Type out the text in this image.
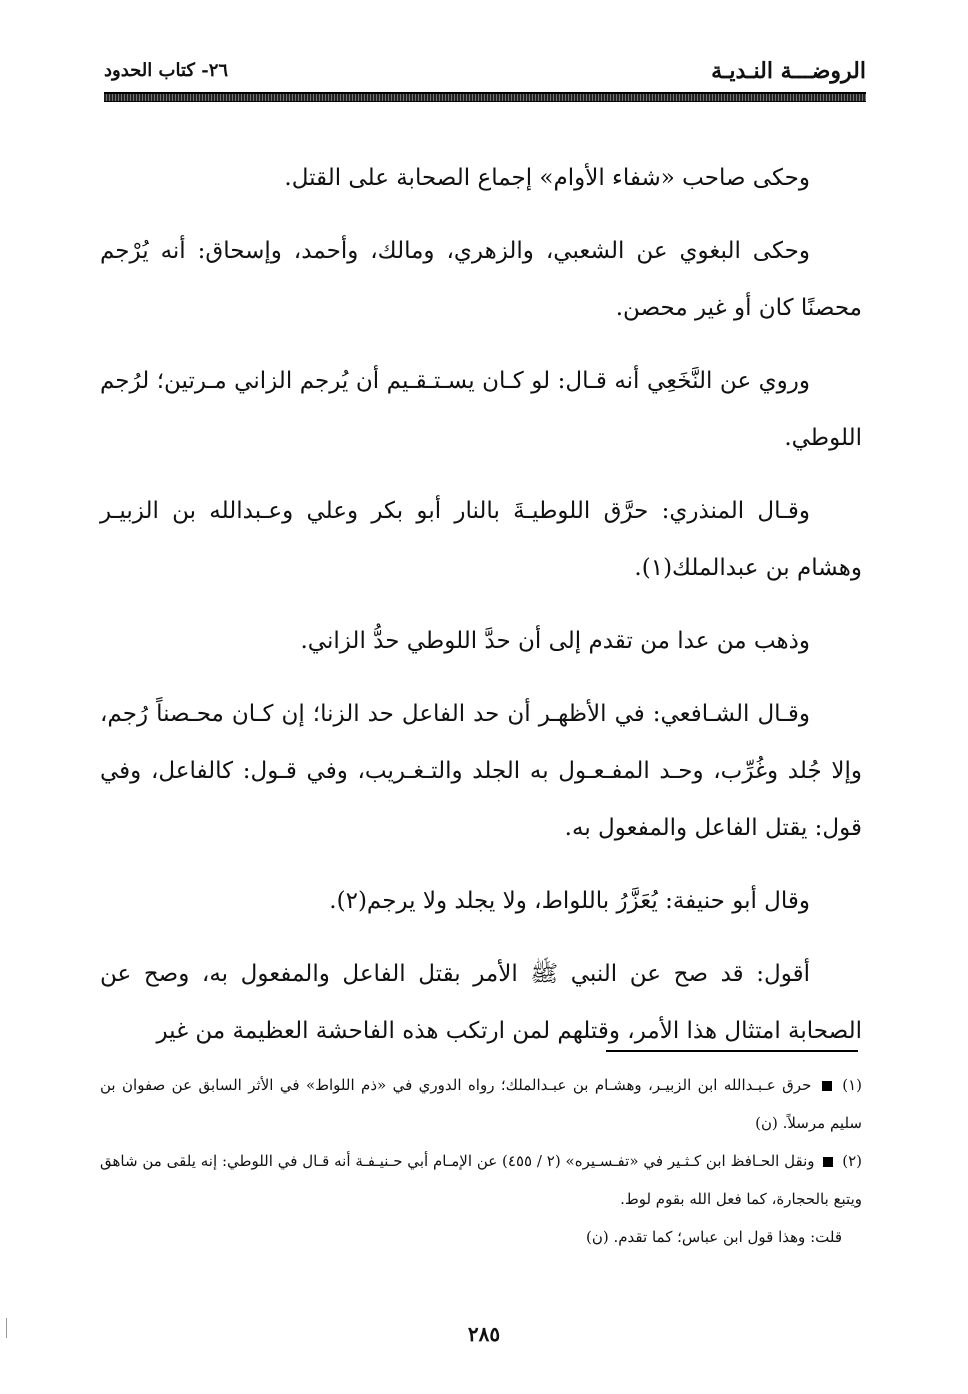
الروضـــة النـديـة
٢٦- كتاب الحدود

وحكى صاحب «شفاء الأوام» إجماع الصحابة على القتل.

وحكى البغوي عن الشعبي، والزهري، ومالك، وأحمد، وإسحاق: أنه يُرْجم محصنًا كان أو غير محصن.

وروي عن النَّخَعِي أنه قـال: لو كـان يسـتـقـيم أن يُرجم الزاني مـرتين؛ لرُجم اللوطي.

وقـال المنذري: حرَّق اللوطيـةَ بالنار أبو بكر وعلي وعـبدالله بن الزبيـر وهشام بن عبدالملك(١).

وذهب من عدا من تقدم إلى أن حدَّ اللوطي حدُّ الزاني.

وقـال الشـافعي: في الأظهـر أن حد الفاعل حد الزنا؛ إن كـان محـصناً رُجم، وإلا جُلد وغُرِّب، وحـد المفـعـول به الجلد والتـغـريب، وفي قـول: كالفاعل، وفي قول: يقتل الفاعل والمفعول به.

وقال أبو حنيفة: يُعَزَّرُ باللواط، ولا يجلد ولا يرجم(٢).

أقول: قد صح عن النبي ﷺ الأمر بقتل الفاعل والمفعول به، وصح عن الصحابة امتثال هذا الأمر، وقتلهم لمن ارتكب هذه الفاحشة العظيمة من غير

(١)  حرق عـبـدالله ابن الزبيـر، وهشـام بن عبـدالملك؛ رواه الدوري في «ذم اللواط» في الأثر السابق عن صفوان بن سليم مرسلاً. (ن)

(٢)  ونقل الحـافظ ابن كـثـير في «تفـسـيره» (٢ / ٤٥٥) عن الإمـام أبي حـنيـفـة أنه قـال في اللوطي: إنه يلقى من شاهق ويتبع بالحجارة، كما فعل الله بقوم لوط.

قلت: وهذا قول ابن عباس؛ كما تقدم. (ن)

٢٨٥
